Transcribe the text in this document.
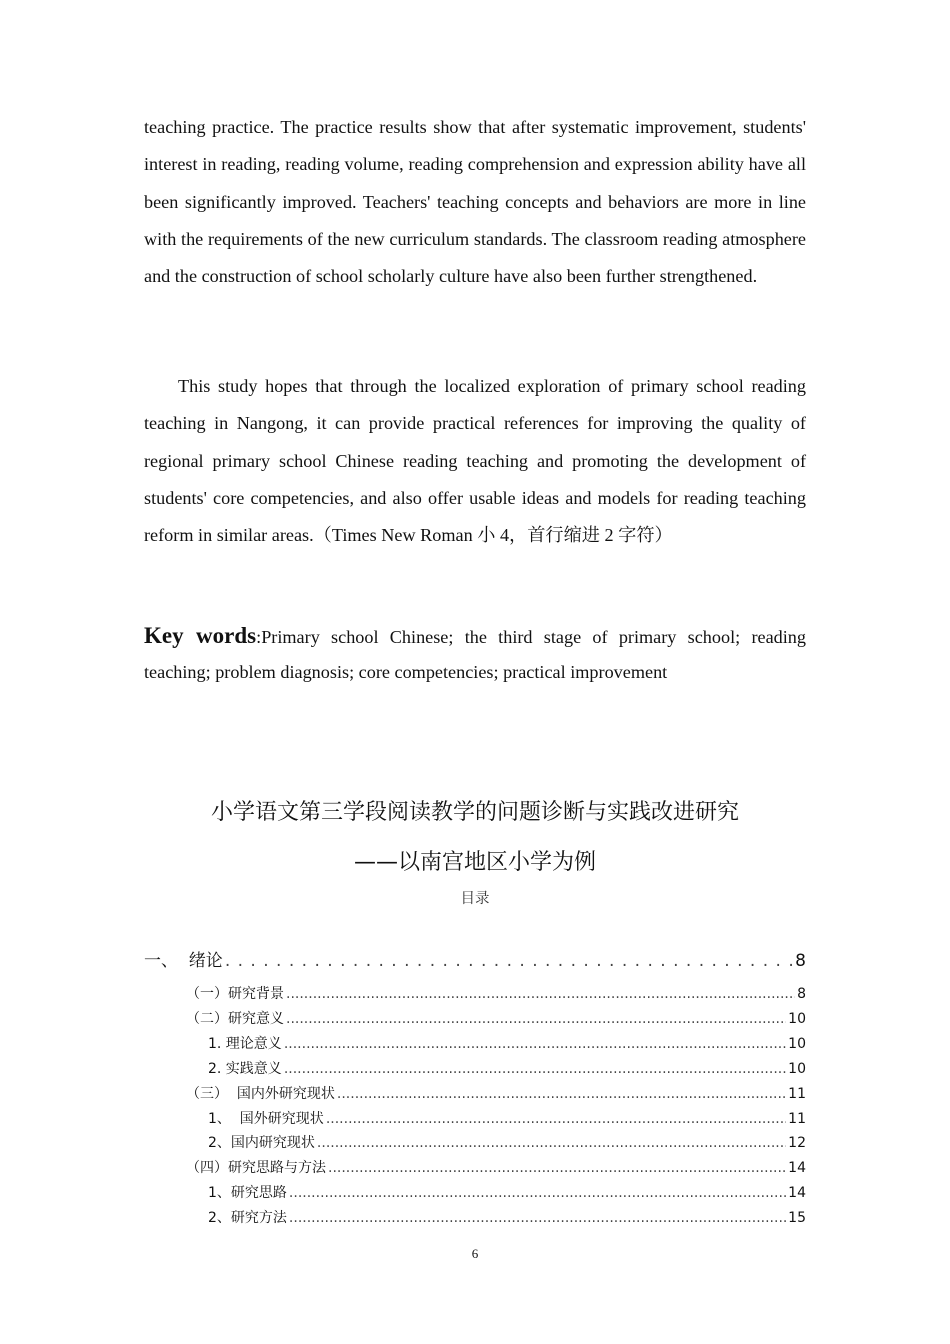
teaching practice. The practice results show that after systematic improvement, students' interest in reading, reading volume, reading comprehension and expression ability have all been significantly improved. Teachers' teaching concepts and behaviors are more in line with the requirements of the new curriculum standards. The classroom reading atmosphere and the construction of school scholarly culture have also been further strengthened.

This study hopes that through the localized exploration of primary school reading teaching in Nangong, it can provide practical references for improving the quality of regional primary school Chinese reading teaching and promoting the development of students' core competencies, and also offer usable ideas and models for reading teaching reform in similar areas.（Times New Roman 小 4，首行缩进 2 字符）

Key words:Primary school Chinese; the third stage of primary school; reading teaching; problem diagnosis; core competencies; practical improvement

小学语文第三学段阅读教学的问题诊断与实践改进研究

——以南宫地区小学为例

目录

一、  绪论 . . .	8
（一）研究背景 .....	8
（二）研究意义 .....	10
1. 理论意义 .....	10
2. 实践意义 .....	10
（三）  国内外研究现状 .....	11
1、  国外研究现状 .....	11
2、国内研究现状 .....	12
（四）研究思路与方法 .....	14
1、研究思路 .....	14
2、研究方法 .....	15

6
